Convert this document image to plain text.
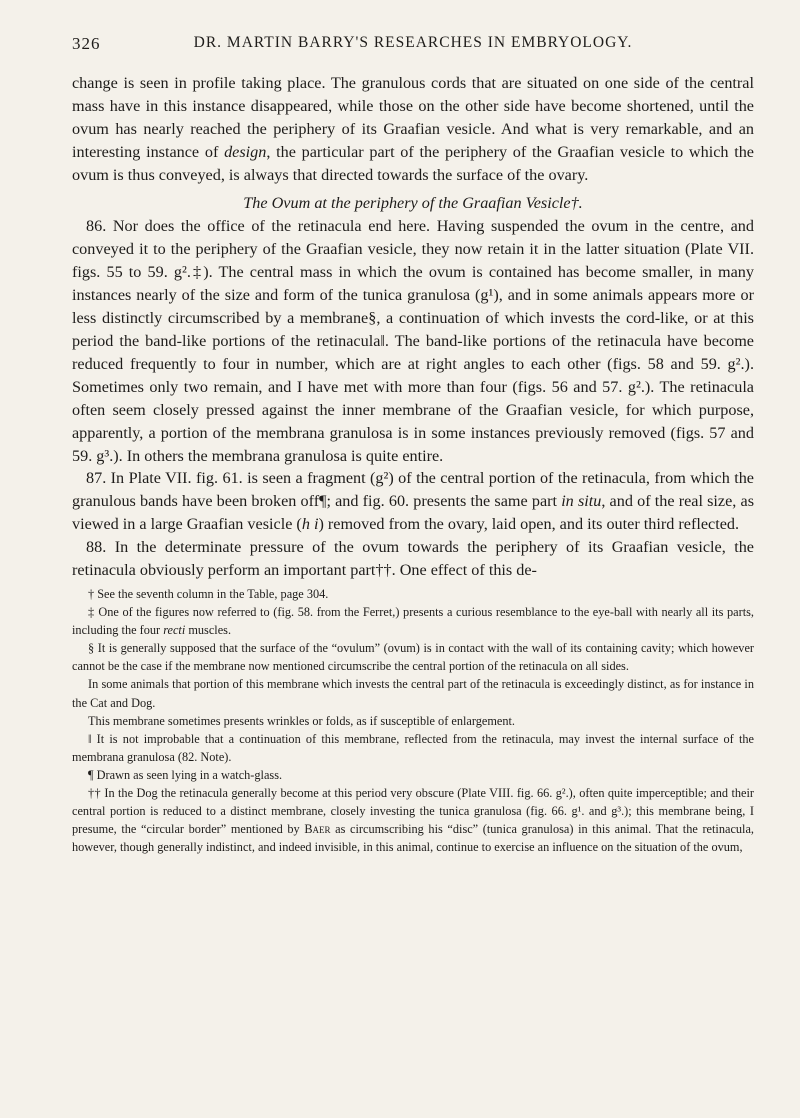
326	DR. MARTIN BARRY'S RESEARCHES IN EMBRYOLOGY.

change is seen in profile taking place. The granulous cords that are situated on one side of the central mass have in this instance disappeared, while those on the other side have become shortened, until the ovum has nearly reached the periphery of its Graafian vesicle. And what is very remarkable, and an interesting instance of design, the particular part of the periphery of the Graafian vesicle to which the ovum is thus conveyed, is always that directed towards the surface of the ovary.

The Ovum at the periphery of the Graafian Vesicle†.

86. Nor does the office of the retinacula end here. Having suspended the ovum in the centre, and conveyed it to the periphery of the Graafian vesicle, they now retain it in the latter situation (Plate VII. figs. 55 to 59. g².‡). The central mass in which the ovum is contained has become smaller, in many instances nearly of the size and form of the tunica granulosa (g¹), and in some animals appears more or less distinctly circumscribed by a membrane§, a continuation of which invests the cord-like, or at this period the band-like portions of the retinacula‖. The band-like portions of the retinacula have become reduced frequently to four in number, which are at right angles to each other (figs. 58 and 59. g².). Sometimes only two remain, and I have met with more than four (figs. 56 and 57. g².). The retinacula often seem closely pressed against the inner membrane of the Graafian vesicle, for which purpose, apparently, a portion of the membrana granulosa is in some instances previously removed (figs. 57 and 59. g³.). In others the membrana granulosa is quite entire.

87. In Plate VII. fig. 61. is seen a fragment (g²) of the central portion of the retinacula, from which the granulous bands have been broken off¶; and fig. 60. presents the same part in situ, and of the real size, as viewed in a large Graafian vesicle (h i) removed from the ovary, laid open, and its outer third reflected.

88. In the determinate pressure of the ovum towards the periphery of its Graafian vesicle, the retinacula obviously perform an important part††. One effect of this de-

† See the seventh column in the Table, page 304.

‡ One of the figures now referred to (fig. 58. from the Ferret,) presents a curious resemblance to the eye-ball with nearly all its parts, including the four recti muscles.

§ It is generally supposed that the surface of the “ovulum” (ovum) is in contact with the wall of its containing cavity; which however cannot be the case if the membrane now mentioned circumscribe the central portion of the retinacula on all sides.

In some animals that portion of this membrane which invests the central part of the retinacula is exceedingly distinct, as for instance in the Cat and Dog.

This membrane sometimes presents wrinkles or folds, as if susceptible of enlargement.

‖ It is not improbable that a continuation of this membrane, reflected from the retinacula, may invest the internal surface of the membrana granulosa (82. Note).

¶ Drawn as seen lying in a watch-glass.

†† In the Dog the retinacula generally become at this period very obscure (Plate VIII. fig. 66. g².), often quite imperceptible; and their central portion is reduced to a distinct membrane, closely investing the tunica granulosa (fig. 66. g¹. and g³.); this membrane being, I presume, the “circular border” mentioned by Baer as circumscribing his “disc” (tunica granulosa) in this animal. That the retinacula, however, though generally indistinct, and indeed invisible, in this animal, continue to exercise an influence on the situation of the ovum,
